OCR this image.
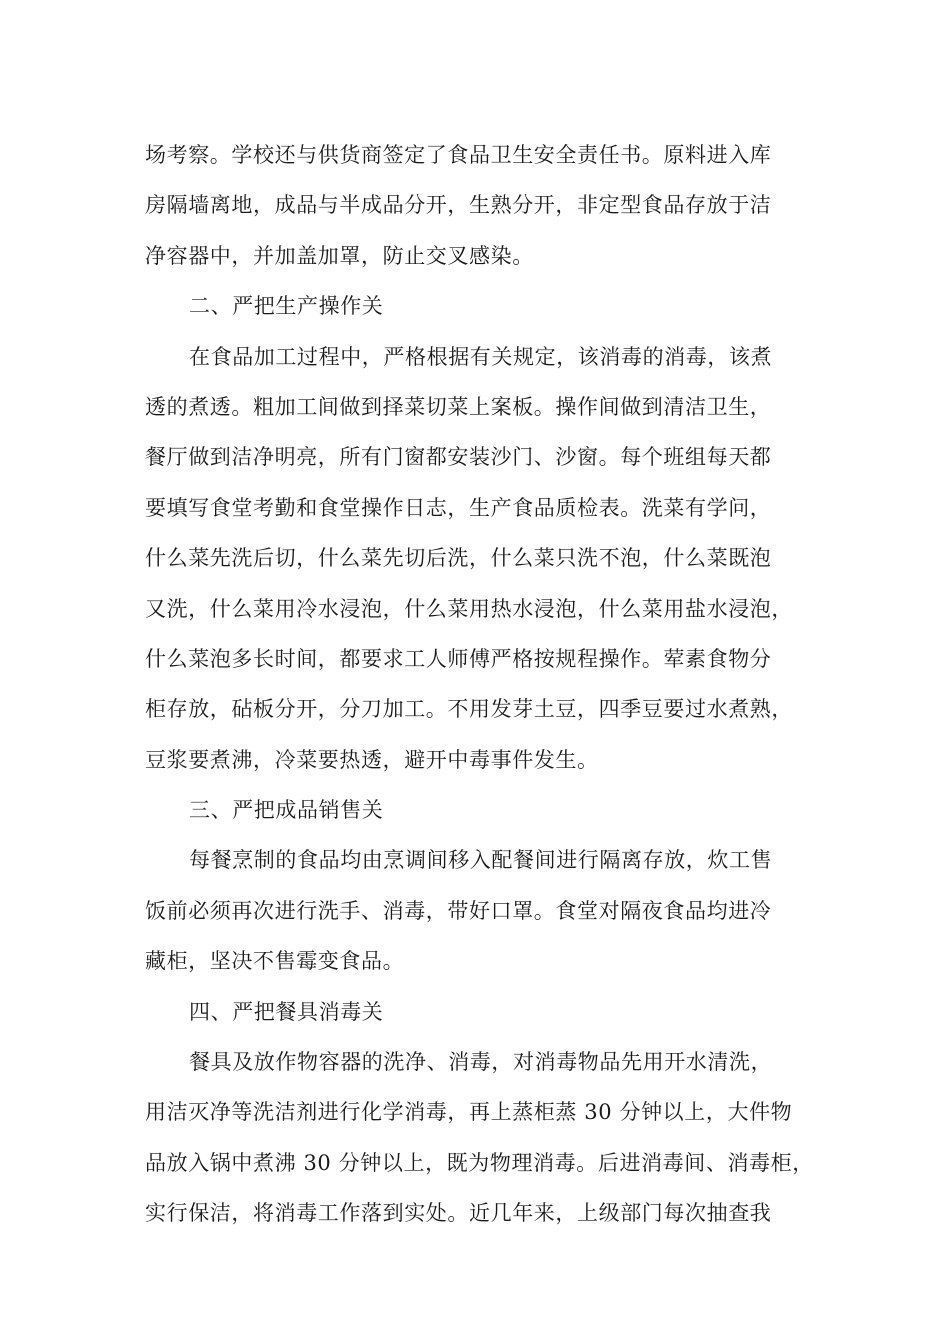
场考察。学校还与供货商签定了食品卫生安全责任书。原料进入库
房隔墙离地，成品与半成品分开，生熟分开，非定型食品存放于洁
净容器中，并加盖加罩，防止交叉感染。
二、严把生产操作关
在食品加工过程中，严格根据有关规定，该消毒的消毒，该煮
透的煮透。粗加工间做到择菜切菜上案板。操作间做到清洁卫生，
餐厅做到洁净明亮，所有门窗都安装沙门、沙窗。每个班组每天都
要填写食堂考勤和食堂操作日志，生产食品质检表。洗菜有学问，
什么菜先洗后切，什么菜先切后洗，什么菜只洗不泡，什么菜既泡
又洗，什么菜用冷水浸泡，什么菜用热水浸泡，什么菜用盐水浸泡，
什么菜泡多长时间，都要求工人师傅严格按规程操作。荤素食物分
柜存放，砧板分开，分刀加工。不用发芽土豆，四季豆要过水煮熟，
豆浆要煮沸，冷菜要热透，避开中毒事件发生。
三、严把成品销售关
每餐烹制的食品均由烹调间移入配餐间进行隔离存放，炊工售
饭前必须再次进行洗手、消毒，带好口罩。食堂对隔夜食品均进冷
藏柜，坚决不售霉变食品。
四、严把餐具消毒关
餐具及放作物容器的洗净、消毒，对消毒物品先用开水清洗，
用洁灭净等洗洁剂进行化学消毒，再上蒸柜蒸 30 分钟以上，大件物
品放入锅中煮沸 30 分钟以上，既为物理消毒。后进消毒间、消毒柜，
实行保洁，将消毒工作落到实处。近几年来，上级部门每次抽查我
